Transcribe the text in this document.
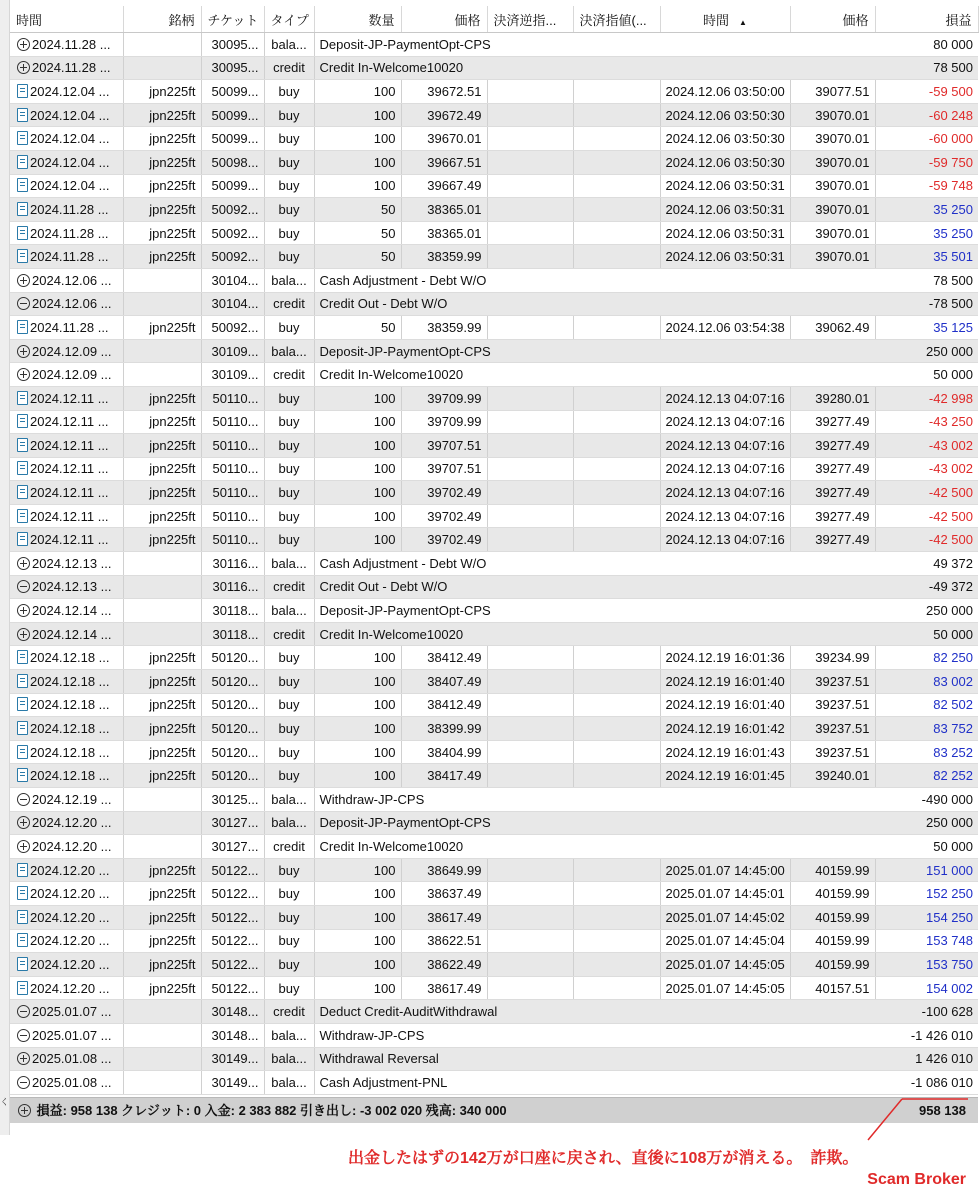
く
時間	銘柄	チケット	タイプ	数量	価格	決済逆指...	決済指値(...	時間 ▲	価格	損益
2024.11.28 ...		30095...	bala...	Deposit-JP-PaymentOpt-CPS						80 000
2024.11.28 ...		30095...	credit	Credit In-Welcome10020						78 500
2024.12.04 ...	jpn225ft	50099...	buy	100	39672.51			2024.12.06 03:50:00	39077.51	-59 500
2024.12.04 ...	jpn225ft	50099...	buy	100	39672.49			2024.12.06 03:50:30	39070.01	-60 248
2024.12.04 ...	jpn225ft	50099...	buy	100	39670.01			2024.12.06 03:50:30	39070.01	-60 000
2024.12.04 ...	jpn225ft	50098...	buy	100	39667.51			2024.12.06 03:50:30	39070.01	-59 750
2024.12.04 ...	jpn225ft	50099...	buy	100	39667.49			2024.12.06 03:50:31	39070.01	-59 748
2024.11.28 ...	jpn225ft	50092...	buy	50	38365.01			2024.12.06 03:50:31	39070.01	35 250
2024.11.28 ...	jpn225ft	50092...	buy	50	38365.01			2024.12.06 03:50:31	39070.01	35 250
2024.11.28 ...	jpn225ft	50092...	buy	50	38359.99			2024.12.06 03:50:31	39070.01	35 501
2024.12.06 ...		30104...	bala...	Cash Adjustment - Debt W/O						78 500
2024.12.06 ...		30104...	credit	Credit Out - Debt W/O						-78 500
2024.11.28 ...	jpn225ft	50092...	buy	50	38359.99			2024.12.06 03:54:38	39062.49	35 125
2024.12.09 ...		30109...	bala...	Deposit-JP-PaymentOpt-CPS						250 000
2024.12.09 ...		30109...	credit	Credit In-Welcome10020						50 000
2024.12.11 ...	jpn225ft	50110...	buy	100	39709.99			2024.12.13 04:07:16	39280.01	-42 998
2024.12.11 ...	jpn225ft	50110...	buy	100	39709.99			2024.12.13 04:07:16	39277.49	-43 250
2024.12.11 ...	jpn225ft	50110...	buy	100	39707.51			2024.12.13 04:07:16	39277.49	-43 002
2024.12.11 ...	jpn225ft	50110...	buy	100	39707.51			2024.12.13 04:07:16	39277.49	-43 002
2024.12.11 ...	jpn225ft	50110...	buy	100	39702.49			2024.12.13 04:07:16	39277.49	-42 500
2024.12.11 ...	jpn225ft	50110...	buy	100	39702.49			2024.12.13 04:07:16	39277.49	-42 500
2024.12.11 ...	jpn225ft	50110...	buy	100	39702.49			2024.12.13 04:07:16	39277.49	-42 500
2024.12.13 ...		30116...	bala...	Cash Adjustment - Debt W/O						49 372
2024.12.13 ...		30116...	credit	Credit Out - Debt W/O						-49 372
2024.12.14 ...		30118...	bala...	Deposit-JP-PaymentOpt-CPS						250 000
2024.12.14 ...		30118...	credit	Credit In-Welcome10020						50 000
2024.12.18 ...	jpn225ft	50120...	buy	100	38412.49			2024.12.19 16:01:36	39234.99	82 250
2024.12.18 ...	jpn225ft	50120...	buy	100	38407.49			2024.12.19 16:01:40	39237.51	83 002
2024.12.18 ...	jpn225ft	50120...	buy	100	38412.49			2024.12.19 16:01:40	39237.51	82 502
2024.12.18 ...	jpn225ft	50120...	buy	100	38399.99			2024.12.19 16:01:42	39237.51	83 752
2024.12.18 ...	jpn225ft	50120...	buy	100	38404.99			2024.12.19 16:01:43	39237.51	83 252
2024.12.18 ...	jpn225ft	50120...	buy	100	38417.49			2024.12.19 16:01:45	39240.01	82 252
2024.12.19 ...		30125...	bala...	Withdraw-JP-CPS						-490 000
2024.12.20 ...		30127...	bala...	Deposit-JP-PaymentOpt-CPS						250 000
2024.12.20 ...		30127...	credit	Credit In-Welcome10020						50 000
2024.12.20 ...	jpn225ft	50122...	buy	100	38649.99			2025.01.07 14:45:00	40159.99	151 000
2024.12.20 ...	jpn225ft	50122...	buy	100	38637.49			2025.01.07 14:45:01	40159.99	152 250
2024.12.20 ...	jpn225ft	50122...	buy	100	38617.49			2025.01.07 14:45:02	40159.99	154 250
2024.12.20 ...	jpn225ft	50122...	buy	100	38622.51			2025.01.07 14:45:04	40159.99	153 748
2024.12.20 ...	jpn225ft	50122...	buy	100	38622.49			2025.01.07 14:45:05	40159.99	153 750
2024.12.20 ...	jpn225ft	50122...	buy	100	38617.49			2025.01.07 14:45:05	40157.51	154 002
2025.01.07 ...		30148...	credit	Deduct Credit-AuditWithdrawal						-100 628
2025.01.07 ...		30148...	bala...	Withdraw-JP-CPS						-1 426 010
2025.01.08 ...		30149...	bala...	Withdrawal Reversal						1 426 010
2025.01.08 ...		30149...	bala...	Cash Adjustment-PNL						-1 086 010
損益: 958 138 クレジット: 0 入金: 2 383 882 引き出し: -3 002 020 残高: 340 000	958 138
出金したはずの142万が口座に戻され、直後に108万が消える。　詐欺。
Scam Broker
